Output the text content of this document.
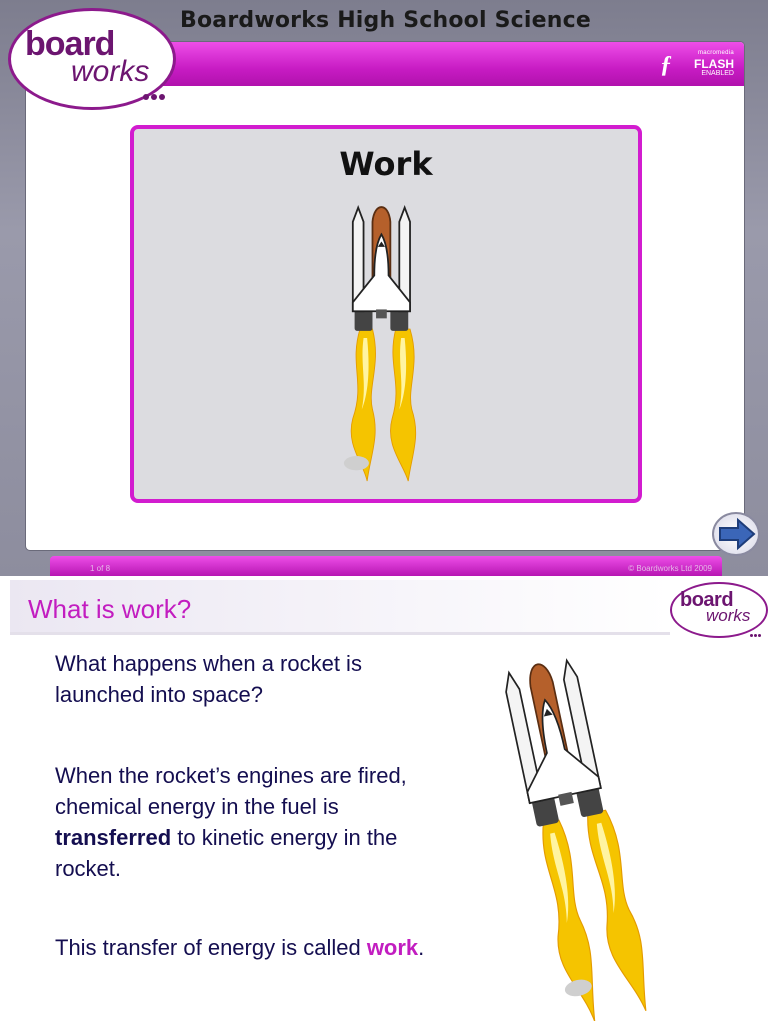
Boardworks High School Science
ƒ	macromedia
FLASH
ENABLED
board
works
Work
1 of 8	© Boardworks Ltd 2009
What is work?	board
works
What happens when a rocket is launched into space?
When the rocket’s engines are fired, chemical energy in the fuel is transferred to kinetic energy in the rocket.
This transfer of energy is called work.
